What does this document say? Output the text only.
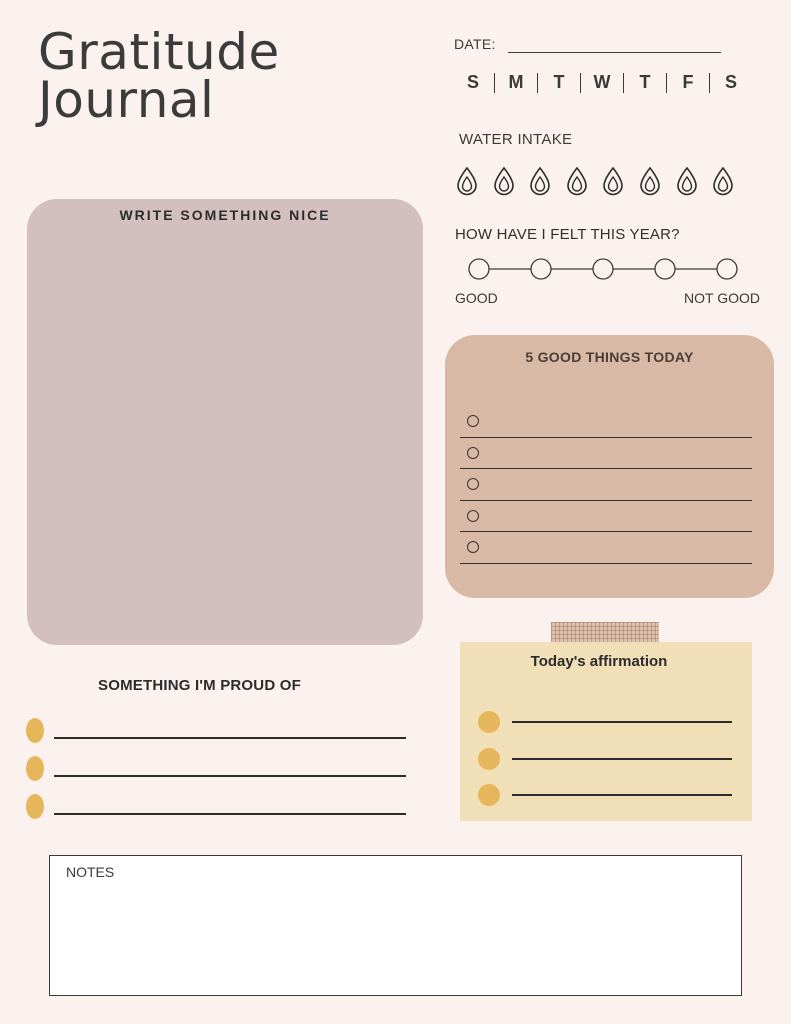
Gratitude
Journal
DATE:
S	M	T	W	T	F	S
WATER INTAKE
HOW HAVE I FELT THIS YEAR?
GOOD	NOT GOOD
WRITE SOMETHING NICE
5 GOOD THINGS TODAY
Today's affirmation
SOMETHING I'M PROUD OF
NOTES
